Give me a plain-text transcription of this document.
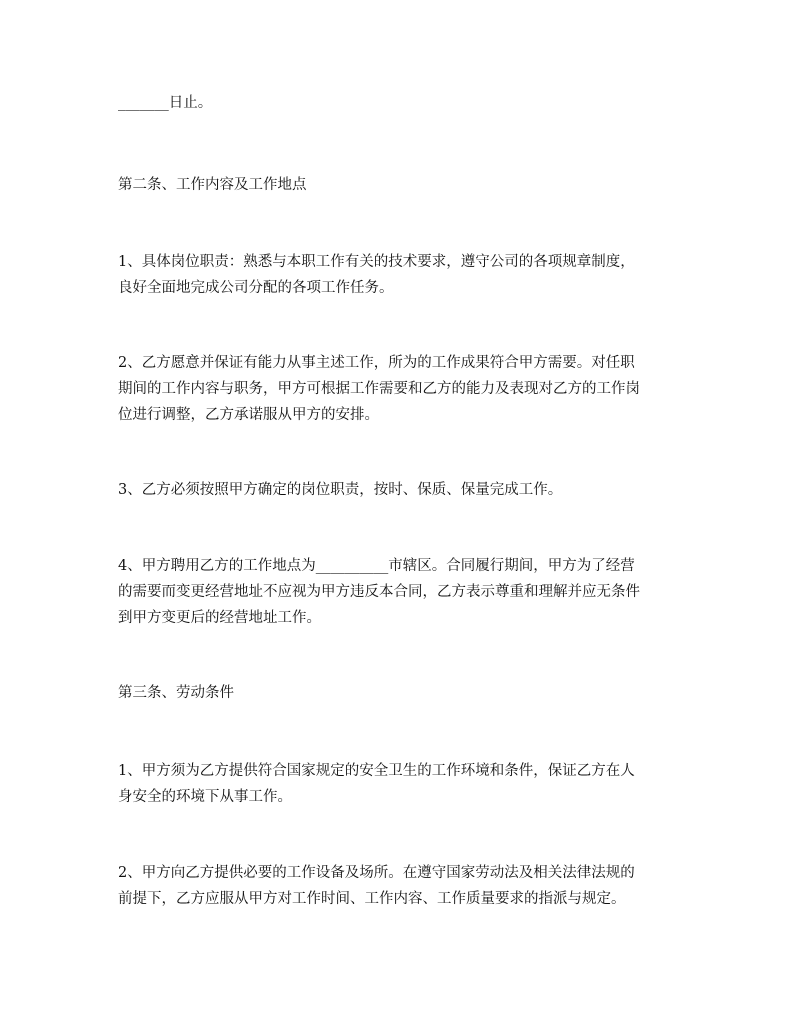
_______日止。
第二条、工作内容及工作地点
1、具体岗位职责：熟悉与本职工作有关的技术要求，遵守公司的各项规章制度，
良好全面地完成公司分配的各项工作任务。
2、乙方愿意并保证有能力从事主述工作，所为的工作成果符合甲方需要。对任职
期间的工作内容与职务，甲方可根据工作需要和乙方的能力及表现对乙方的工作岗
位进行调整，乙方承诺服从甲方的安排。
3、乙方必须按照甲方确定的岗位职责，按时、保质、保量完成工作。
4、甲方聘用乙方的工作地点为__________市辖区。合同履行期间，甲方为了经营
的需要而变更经营地址不应视为甲方违反本合同，乙方表示尊重和理解并应无条件
到甲方变更后的经营地址工作。
第三条、劳动条件
1、甲方须为乙方提供符合国家规定的安全卫生的工作环境和条件，保证乙方在人
身安全的环境下从事工作。
2、甲方向乙方提供必要的工作设备及场所。在遵守国家劳动法及相关法律法规的
前提下，乙方应服从甲方对工作时间、工作内容、工作质量要求的指派与规定。
